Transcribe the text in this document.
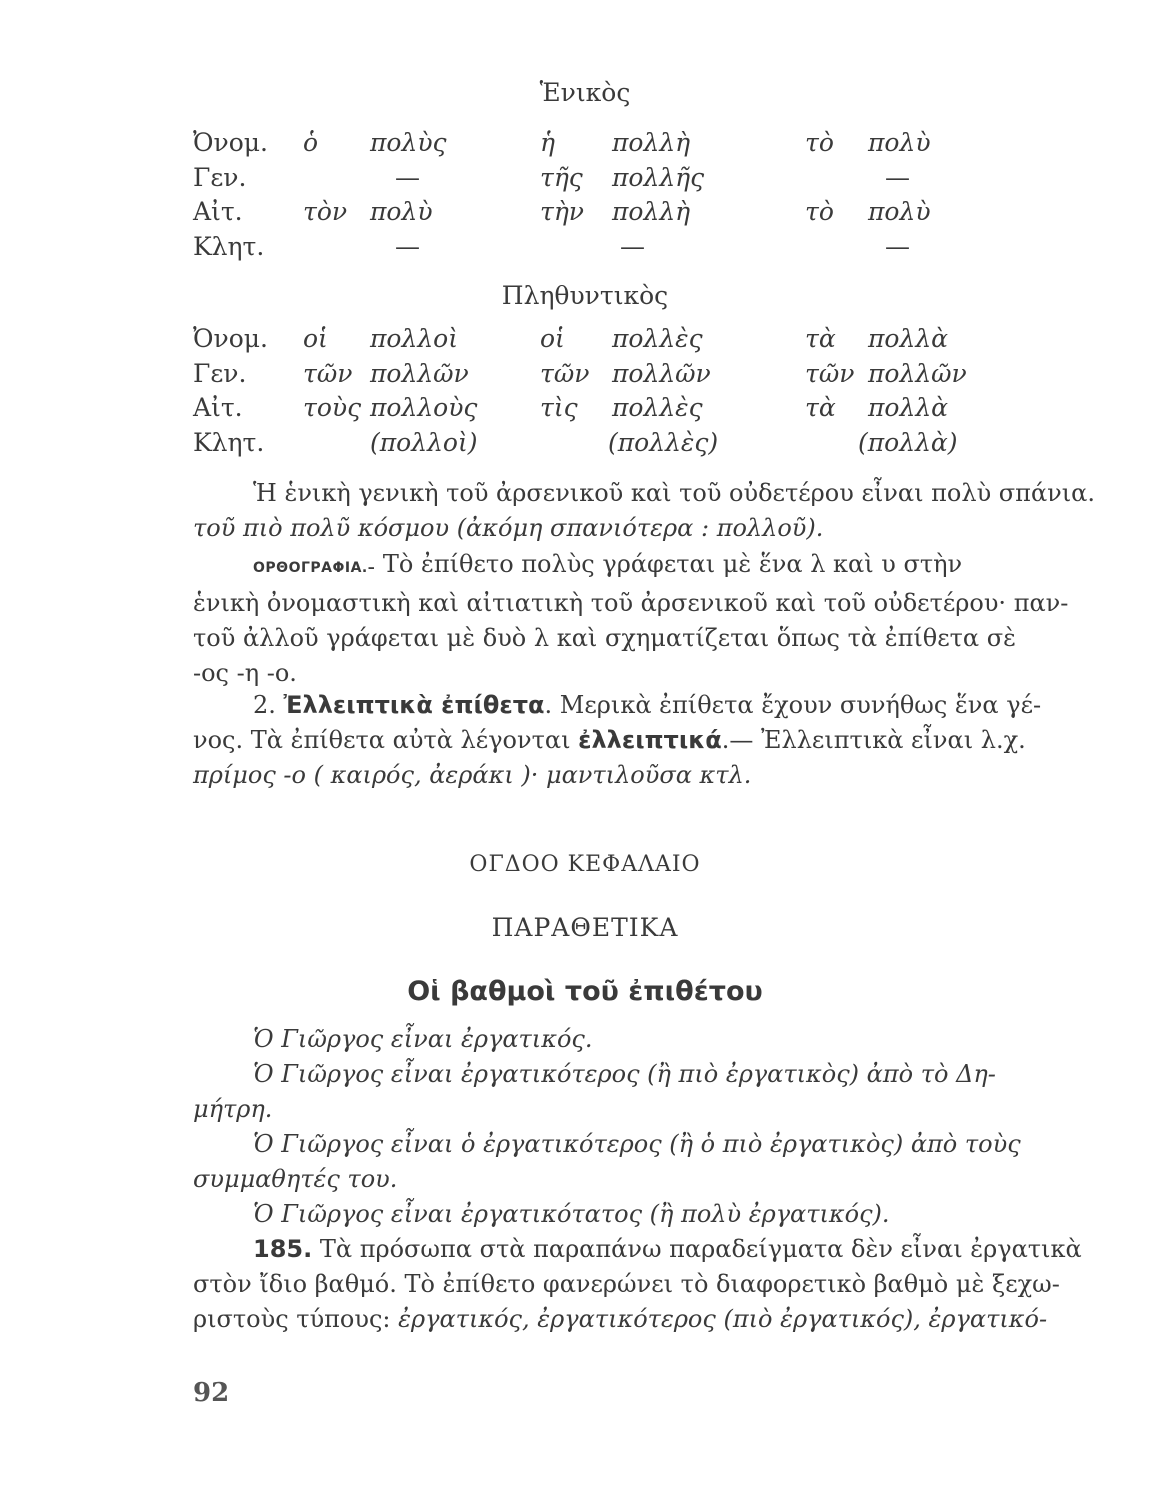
Ἑνικὸς
Ὀνομ. ὁ πολὺς	ἡ πολλὴ	τὸ πολὺ
Γεν.	—	τῆς πολλῆς	—
Αἰτ. τὸν πολὺ	τὴν πολλὴ	τὸ πολὺ
Κλητ.	—	—	—
Πληθυντικὸς
Ὀνομ. οἱ πολλοὶ	οἱ πολλὲς	τὰ πολλὰ
Γεν. τῶν πολλῶν	τῶν πολλῶν	τῶν πολλῶν
Αἰτ. τοὺς πολλοὺς	τὶς πολλὲς	τὰ πολλὰ
Κλητ.	(πολλοὶ)	(πολλὲς)	(πολλὰ)
Ἡ ἑνικὴ γενικὴ τοῦ ἀρσενικοῦ καὶ τοῦ οὐδετέρου εἶναι πολὺ σπάνια.
τοῦ πιὸ πολῦ κόσμου (ἀκόμη σπανιότερα : πολλοῦ).
ΟΡΘΟΓΡΑΦΙΑ.– Τὸ ἐπίθετο πολὺς γράφεται μὲ ἕνα λ καὶ υ στὴν
ἑνικὴ ὀνομαστικὴ καὶ αἰτιατικὴ τοῦ ἀρσενικοῦ καὶ τοῦ οὐδετέρου· παν-
τοῦ ἀλλοῦ γράφεται μὲ δυὸ λ καὶ σχηματίζεται ὅπως τὰ ἐπίθετα σὲ
-ος -η -ο.
2. Ἐλλειπτικὰ ἐπίθετα. Μερικὰ ἐπίθετα ἔχουν συνήθως ἕνα γέ-
νος. Τὰ ἐπίθετα αὐτὰ λέγονται ἐλλειπτικά.— Ἐλλειπτικὰ εἶναι λ.χ.
πρίμος -ο ( καιρός, ἀεράκι )· μαντιλοῦσα κτλ.
ΟΓΔΟΟ ΚΕΦΑΛΑΙΟ
ΠΑΡΑΘΕΤΙΚΑ
Οἱ βαθμοὶ τοῦ ἐπιθέτου
Ὁ Γιῶργος εἶναι ἐργατικός.
Ὁ Γιῶργος εἶναι ἐργατικότερος (ἢ πιὸ ἐργατικὸς) ἀπὸ τὸ Δη-
μήτρη.
Ὁ Γιῶργος εἶναι ὁ ἐργατικότερος (ἢ ὁ πιὸ ἐργατικὸς) ἀπὸ τοὺς
συμμαθητές του.
Ὁ Γιῶργος εἶναι ἐργατικότατος (ἢ πολὺ ἐργατικός).
185. Τὰ πρόσωπα στὰ παραπάνω παραδείγματα δὲν εἶναι ἐργατικὰ
στὸν ἴδιο βαθμό. Τὸ ἐπίθετο φανερώνει τὸ διαφορετικὸ βαθμὸ μὲ ξεχω-
ριστοὺς τύπους: ἐργατικός, ἐργατικότερος (πιὸ ἐργατικός), ἐργατικό-
92
